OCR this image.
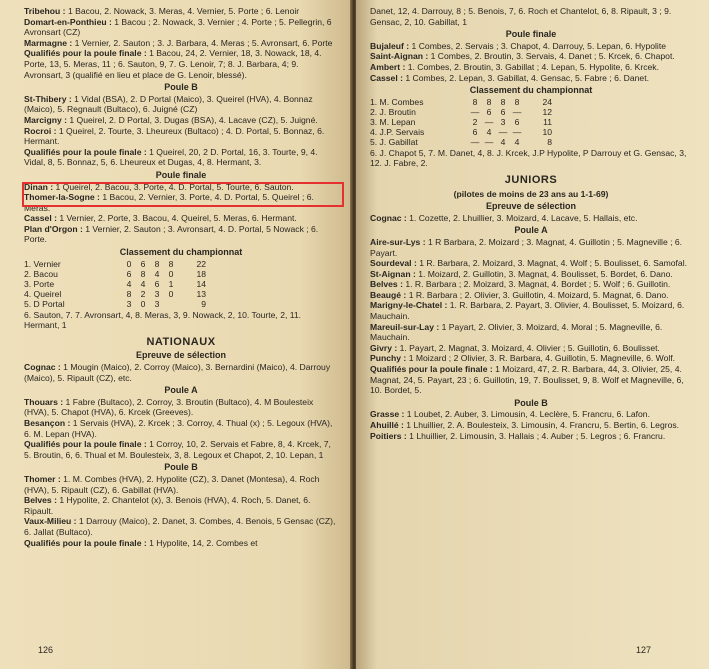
Tribehou : 1 Bacou, 2. Nowack, 3. Meras, 4. Vernier, 5. Porte ; 6. Lenoir

Domart-en-Ponthieu : 1 Bacou ; 2. Nowack, 3. Vernier ; 4. Porte ; 5. Pellegrin, 6 Avronsart (CZ)

Marmagne : 1 Vernier, 2. Sauton ; 3. J. Barbara, 4. Meras ; 5. Avronsart, 6. Porte

Qualifiés pour la poule finale : 1 Bacou, 24, 2. Vernier, 18, 3. Nowack, 18, 4. Porte, 13, 5. Meras, 11 ; 6. Sauton, 9, 7. G. Lenoir, 7; 8. J. Barbara, 4; 9. Avronsart, 3 (qualifié en lieu et place de G. Lenoir, blessé).

Poule B

St-Thibery : 1 Vidal (BSA), 2. D Portal (Maico), 3. Queirel (HVA), 4. Bonnaz (Maico), 5. Regnault (Bultaco), 6. Juigné (CZ)

Marcigny : 1 Queirel, 2. D Portal, 3. Dugas (BSA), 4. Lacave (CZ), 5. Juigné.

Rocroi : 1 Queirel, 2. Tourte, 3. Lheureux (Bultaco) ; 4. D. Portal, 5. Bonnaz, 6. Hermant.

Qualifiés pour la poule finale : 1 Queirel, 20, 2 D. Portal, 16, 3. Tourte, 9, 4. Vidal, 8, 5. Bonnaz, 5, 6. Lheureux et Dugas, 4, 8. Hermant, 3.

Poule finale

Dinan : 1 Queirel, 2. Bacou, 3. Porte, 4. D. Portal, 5. Tourte, 6. Sauton.

Thomer-la-Sogne : 1 Bacou, 2. Vernier, 3. Porte, 4. D. Portal, 5. Queirel ; 6. Meras.

Cassel : 1 Vernier, 2. Porte, 3. Bacou, 4. Queirel, 5. Meras, 6. Hermant.

Plan d'Orgon : 1 Vernier, 2. Sauton ; 3. Avronsart, 4. D. Portal, 5 Nowack ; 6. Porte.

Classement du championnat
1. Vernier	0	6	8	8	22
2. Bacou	6	8	4	0	18
3. Porte	4	4	6	1	14
4. Queirel	8	2	3	0	13
5. D Portal	3	0	3		9

6. Sauton, 7. 7. Avronsart, 4, 8. Meras, 3, 9. Nowack, 2, 10. Tourte, 2, 11. Hermant, 1

NATIONAUX
Epreuve de sélection

Cognac : 1 Mougin (Maico), 2. Corroy (Maico), 3. Bernardini (Maico), 4. Darrouy (Maico), 5. Ripault (CZ), etc.

Poule A

Thouars : 1 Fabre (Bultaco), 2. Corroy, 3. Broutin (Bultaco), 4. M Boulesteix (HVA), 5. Chapot (HVA), 6. Krcek (Greeves).

Besançon : 1 Servais (HVA), 2. Krcek ; 3. Corroy, 4. Thual (x) ; 5. Legoux (HVA), 6. M. Lepan (HVA).

Qualifiés pour la poule finale : 1 Corroy, 10, 2. Servais et Fabre, 8, 4. Krcek, 7, 5. Broutin, 6, 6. Thual et M. Boulesteix, 3, 8. Legoux et Chapot, 2, 10. Lepan, 1

Poule B

Thomer : 1. M. Combes (HVA), 2. Hypolite (CZ), 3. Danet (Montesa), 4. Roch (HVA), 5. Ripault (CZ), 6. Gabillat (HVA).

Belves : 1 Hypolite, 2. Chantelot (x), 3. Benois (HVA), 4. Roch, 5. Danet, 6. Ripault.

Vaux-Milieu : 1 Darrouy (Maico), 2. Danet, 3. Combes, 4. Benois, 5 Gensac (CZ), 6. Jallat (Bultaco).

Qualifiés pour la poule finale : 1 Hypolite, 14, 2. Combes et

126

Danet, 12, 4. Darrouy, 8 ; 5. Benois, 7, 6. Roch et Chantelot, 6, 8. Ripault, 3 ; 9. Gensac, 2, 10. Gabillat, 1

Poule finale

Bujaleuf : 1 Combes, 2. Servais ; 3. Chapot, 4. Darrouy, 5. Lepan, 6. Hypolite

Saint-Aignan : 1 Combes, 2. Broutin, 3. Servais, 4. Danet ; 5. Krcek, 6. Chapot.

Ambert : 1. Combes, 2. Broutin, 3. Gabillat ; 4. Lepan, 5. Hypolite, 6. Krcek.

Cassel : 1 Combes, 2. Lepan, 3. Gabillat, 4. Gensac, 5. Fabre ; 6. Danet.

Classement du championnat
1. M. Combes	8	8	8	8	24
2. J. Broutin	—	6	6	—	12
3. M. Lepan	2	—	3	6	11
4. J.P. Servais	6	4	—	—	10
5. J. Gabillat	—	—	4	4	8

6. J. Chapot 5, 7. M. Danet, 4, 8. J. Krcek, J.P Hypolite, P Darrouy et G. Gensac, 3, 12. J. Fabre, 2.

JUNIORS

(pilotes de moins de 23 ans au 1-1-69)

Epreuve de sélection

Cognac : 1. Cozette, 2. Lhuillier, 3. Moizard, 4. Lacave, 5. Hallais, etc.

Poule A

Aire-sur-Lys : 1 R Barbara, 2. Moizard ; 3. Magnat, 4. Guillotin ; 5. Magneville ; 6. Payart.

Sourdeval : 1 R. Barbara, 2. Moizard, 3. Magnat, 4. Wolf ; 5. Boulisset, 6. Samofal.

St-Aignan : 1. Moizard, 2. Guillotin, 3. Magnat, 4. Boulisset, 5. Bordet, 6. Dano.

Belves : 1. R. Barbara ; 2. Moizard, 3. Magnat, 4. Bordet ; 5. Wolf ; 6. Guillotin.

Beaugé : 1 R. Barbara ; 2. Olivier, 3. Guillotin, 4. Moizard, 5. Magnat, 6. Dano.

Marigny-le-Chatel : 1. R. Barbara, 2. Payart, 3. Olivier, 4. Boulisset, 5. Moizard, 6. Mauchain.

Mareuil-sur-Lay : 1 Payart, 2. Olivier, 3. Moizard, 4. Moral ; 5. Magneville, 6. Mauchain.

Givry : 1. Payart, 2. Magnat, 3. Moizard, 4. Olivier ; 5. Guillotin, 6. Boulisset.

Punchy : 1 Moizard ; 2 Olivier, 3. R. Barbara, 4. Guillotin, 5. Magneville, 6. Wolf.

Qualifiés pour la poule finale : 1 Moizard, 47, 2. R. Barbara, 44, 3. Olivier, 25, 4. Magnat, 24, 5. Payart, 23 ; 6. Guillotin, 19, 7. Boulisset, 9, 8. Wolf et Magneville, 6, 10. Bordet, 5.

Poule B

Grasse : 1 Loubet, 2. Auber, 3. Limousin, 4. Leclère, 5. Francru, 6. Lafon.

Ahuillé : 1 Lhuillier, 2. A. Boulesteix, 3. Limousin, 4. Francru, 5. Bertin, 6. Legros.

Poitiers : 1 Lhuillier, 2. Limousin, 3. Hallais ; 4. Auber ; 5. Legros ; 6. Francru.

127
